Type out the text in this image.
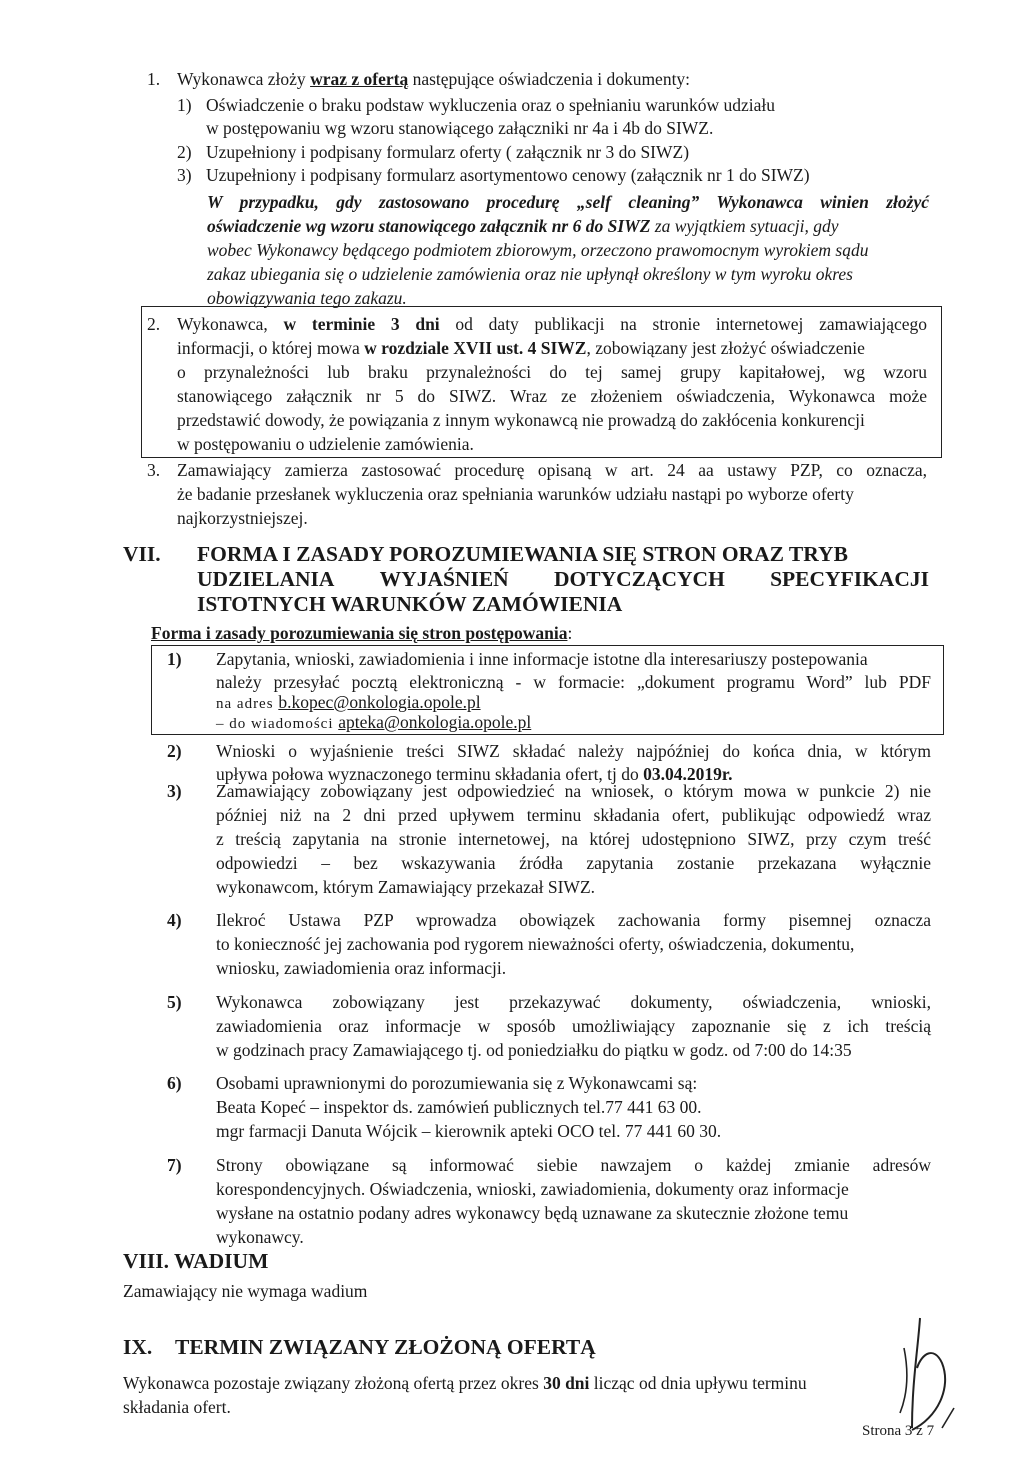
1. Wykonawca złoży wraz z ofertą następujące oświadczenia i dokumenty:
1) Oświadczenie o braku podstaw wykluczenia oraz o spełnianiu warunków udziału
w postępowaniu wg wzoru stanowiącego załączniki nr 4a i 4b do SIWZ.
2) Uzupełniony i podpisany formularz oferty ( załącznik nr 3 do SIWZ)
3) Uzupełniony i podpisany formularz asortymentowo cenowy (załącznik nr 1 do SIWZ)
W przypadku, gdy zastosowano procedurę „self cleaning” Wykonawca winien złożyć
oświadczenie wg wzoru stanowiącego załącznik nr 6 do SIWZ za wyjątkiem sytuacji, gdy
wobec Wykonawcy będącego podmiotem zbiorowym, orzeczono prawomocnym wyrokiem sądu
zakaz ubiegania się o udzielenie zamówienia oraz nie upłynął określony w tym wyroku okres
obowiązywania tego zakazu.
2. Wykonawca, w terminie 3 dni od daty publikacji na stronie internetowej zamawiającego
informacji, o której mowa w rozdziale XVII ust. 4 SIWZ, zobowiązany jest złożyć oświadczenie
o przynależności lub braku przynależności do tej samej grupy kapitałowej, wg wzoru
stanowiącego załącznik nr 5 do SIWZ. Wraz ze złożeniem oświadczenia, Wykonawca może
przedstawić dowody, że powiązania z innym wykonawcą nie prowadzą do zakłócenia konkurencji
w postępowaniu o udzielenie zamówienia.
3. Zamawiający zamierza zastosować procedurę opisaną w art. 24 aa ustawy PZP, co oznacza,
że badanie przesłanek wykluczenia oraz spełniania warunków udziału nastąpi po wyborze oferty
najkorzystniejszej.
VII. FORMA I ZASADY POROZUMIEWANIA SIĘ STRON ORAZ TRYB
UDZIELANIA WYJAŚNIEŃ DOTYCZĄCYCH SPECYFIKACJI
ISTOTNYCH WARUNKÓW ZAMÓWIENIA
Forma i zasady porozumiewania się stron postępowania:
1) Zapytania, wnioski, zawiadomienia i inne informacje istotne dla interesariuszy postepowania
należy przesyłać pocztą elektroniczną - w formacie: „dokument programu Word” lub PDF
na adres b.kopec@onkologia.opole.pl
– do wiadomości apteka@onkologia.opole.pl
2) Wnioski o wyjaśnienie treści SIWZ składać należy najpóźniej do końca dnia, w którym
upływa połowa wyznaczonego terminu składania ofert, tj do 03.04.2019r.
3) Zamawiający zobowiązany jest odpowiedzieć na wniosek, o którym mowa w punkcie 2) nie
później niż na 2 dni przed upływem terminu składania ofert, publikując odpowiedź wraz
z treścią zapytania na stronie internetowej, na której udostępniono SIWZ, przy czym treść
odpowiedzi – bez wskazywania źródła zapytania zostanie przekazana wyłącznie
wykonawcom, którym Zamawiający przekazał SIWZ.
4) Ilekroć Ustawa PZP wprowadza obowiązek zachowania formy pisemnej oznacza
to konieczność jej zachowania pod rygorem nieważności oferty, oświadczenia, dokumentu,
wniosku, zawiadomienia oraz informacji.
5) Wykonawca zobowiązany jest przekazywać dokumenty, oświadczenia, wnioski,
zawiadomienia oraz informacje w sposób umożliwiający zapoznanie się z ich treścią
w godzinach pracy Zamawiającego tj. od poniedziałku do piątku w godz. od 7:00 do 14:35
6) Osobami uprawnionymi do porozumiewania się z Wykonawcami są:
Beata Kopeć – inspektor ds. zamówień publicznych tel.77 441 63 00.
mgr farmacji Danuta Wójcik – kierownik apteki OCO tel. 77 441 60 30.
7) Strony obowiązane są informować siebie nawzajem o każdej zmianie adresów
korespondencyjnych. Oświadczenia, wnioski, zawiadomienia, dokumenty oraz informacje
wysłane na ostatnio podany adres wykonawcy będą uznawane za skutecznie złożone temu
wykonawcy.
VIII. WADIUM
Zamawiający nie wymaga wadium
IX. TERMIN ZWIĄZANY ZŁOŻONĄ OFERTĄ
Wykonawca pozostaje związany złożoną ofertą przez okres 30 dni licząc od dnia upływu terminu
składania ofert.
Strona 3 z 7
